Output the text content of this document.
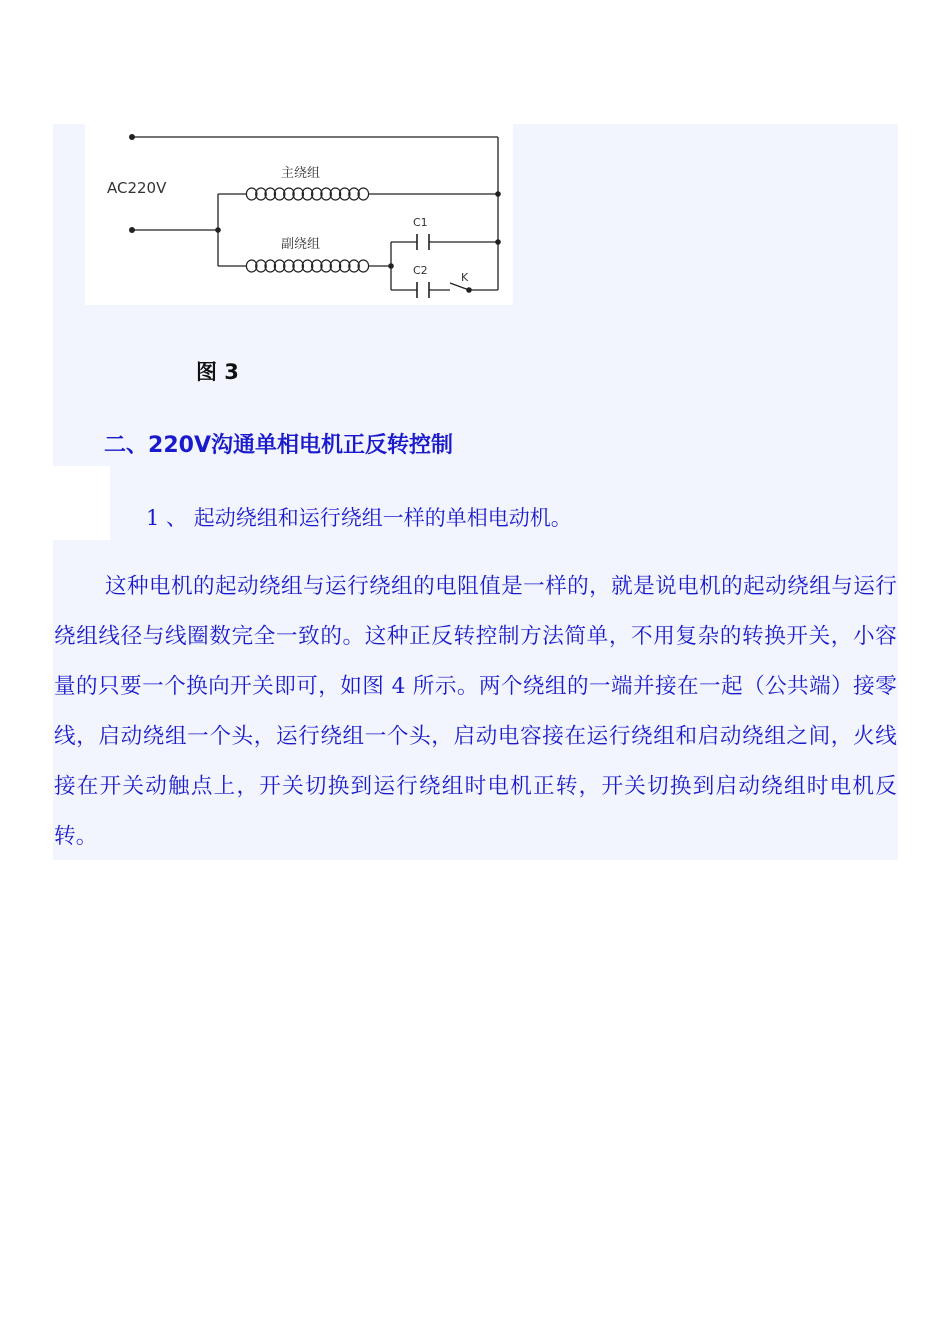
AC220V
主绕组
副绕组
C1
C2
K
图 3
二、220V沟通单相电机正反转控制
1 、 起动绕组和运行绕组一样的单相电动机。
这种电机的起动绕组与运行绕组的电阻值是一样的，就是说电机的起动绕组与运行绕组线径与线圈数完全一致的。这种正反转控制方法简单，不用复杂的转换开关，小容量的只要一个换向开关即可，如图 4 所示。两个绕组的一端并接在一起（公共端）接零线，启动绕组一个头，运行绕组一个头，启动电容接在运行绕组和启动绕组之间，火线接在开关动触点上，开关切换到运行绕组时电机正转，开关切换到启动绕组时电机反转。
